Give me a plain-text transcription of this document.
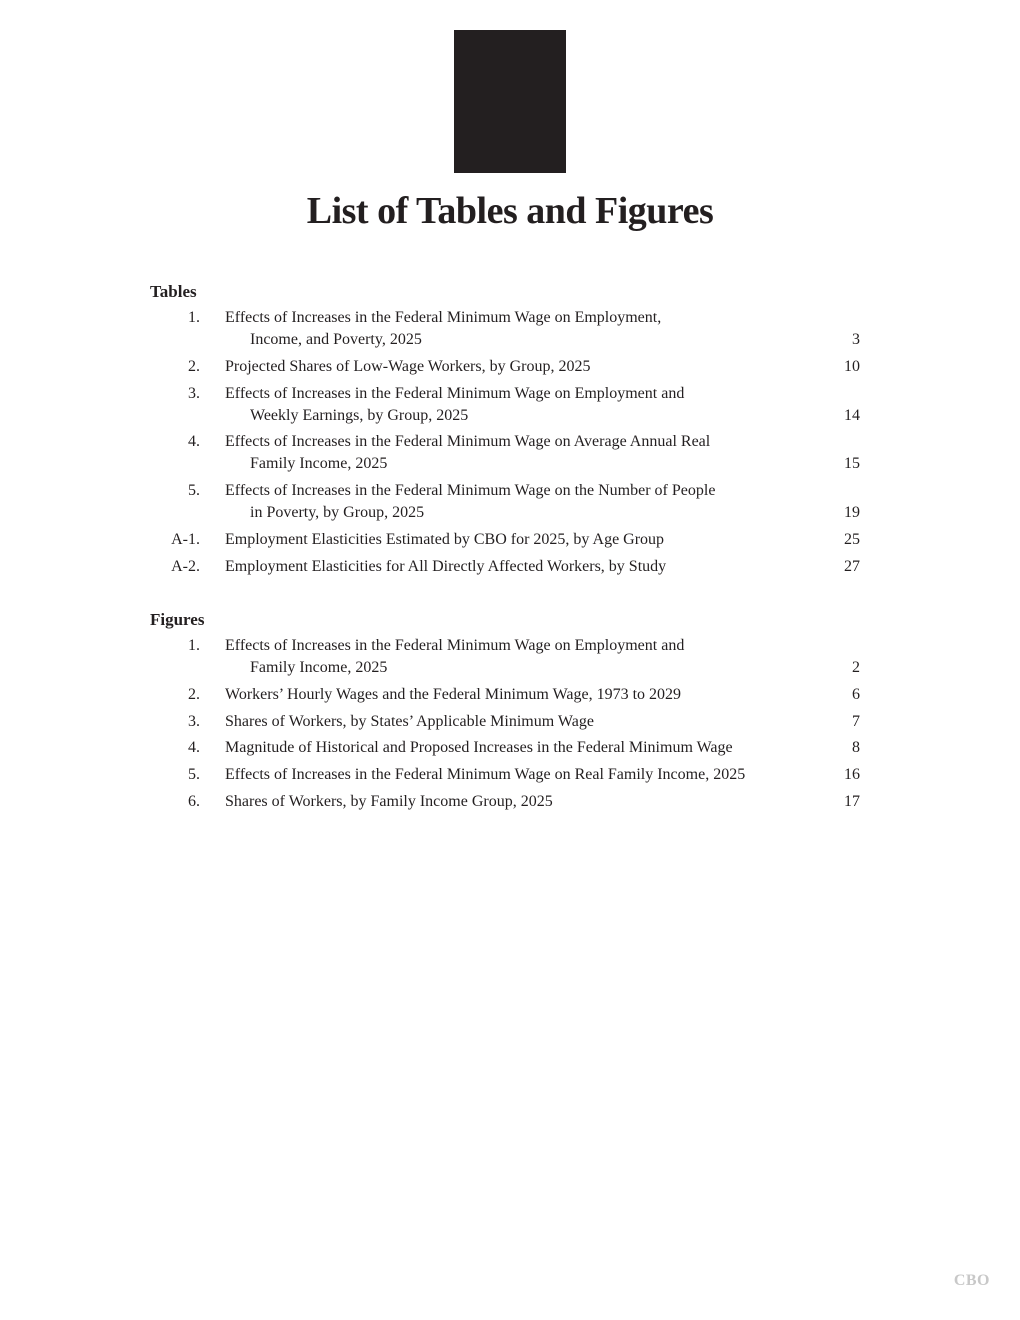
List of Tables and Figures
Tables
1. Effects of Increases in the Federal Minimum Wage on Employment, Income, and Poverty, 2025	3
2. Projected Shares of Low-Wage Workers, by Group, 2025	10
3. Effects of Increases in the Federal Minimum Wage on Employment and Weekly Earnings, by Group, 2025	14
4. Effects of Increases in the Federal Minimum Wage on Average Annual Real Family Income, 2025	15
5. Effects of Increases in the Federal Minimum Wage on the Number of People in Poverty, by Group, 2025	19
A-1. Employment Elasticities Estimated by CBO for 2025, by Age Group	25
A-2. Employment Elasticities for All Directly Affected Workers, by Study	27
Figures
1. Effects of Increases in the Federal Minimum Wage on Employment and Family Income, 2025	2
2. Workers’ Hourly Wages and the Federal Minimum Wage, 1973 to 2029	6
3. Shares of Workers, by States’ Applicable Minimum Wage	7
4. Magnitude of Historical and Proposed Increases in the Federal Minimum Wage	8
5. Effects of Increases in the Federal Minimum Wage on Real Family Income, 2025	16
6. Shares of Workers, by Family Income Group, 2025	17
CBO
